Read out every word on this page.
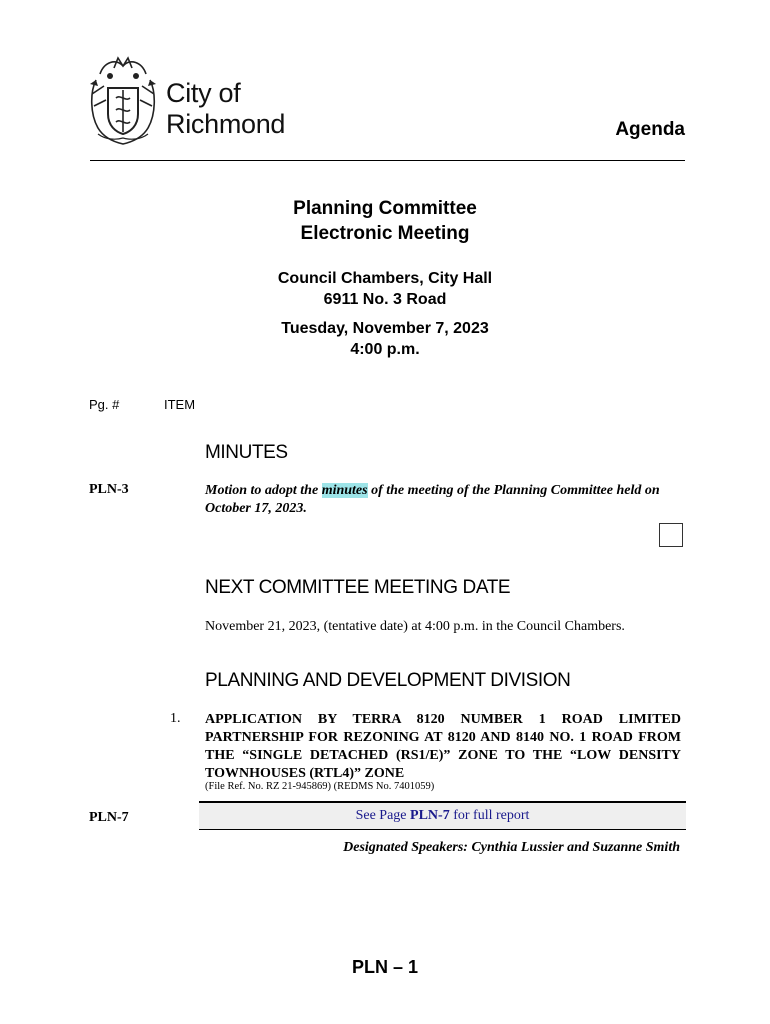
City of
Richmond	Agenda
Planning Committee
Electronic Meeting
Council Chambers, City Hall
6911 No. 3 Road
Tuesday, November 7, 2023
4:00 p.m.
Pg. #	ITEM
MINUTES
PLN-3	Motion to adopt the minutes of the meeting of the Planning Committee held on October 17, 2023.
NEXT COMMITTEE MEETING DATE
November 21, 2023, (tentative date) at 4:00 p.m. in the Council Chambers.
PLANNING AND DEVELOPMENT DIVISION
1. APPLICATION BY TERRA 8120 NUMBER 1 ROAD LIMITED PARTNERSHIP FOR REZONING AT 8120 AND 8140 NO. 1 ROAD FROM THE “SINGLE DETACHED (RS1/E)” ZONE TO THE “LOW DENSITY TOWNHOUSES (RTL4)” ZONE
(File Ref. No. RZ 21-945869) (REDMS No. 7401059)
PLN-7	See Page PLN-7 for full report
Designated Speakers: Cynthia Lussier and Suzanne Smith
PLN – 1
